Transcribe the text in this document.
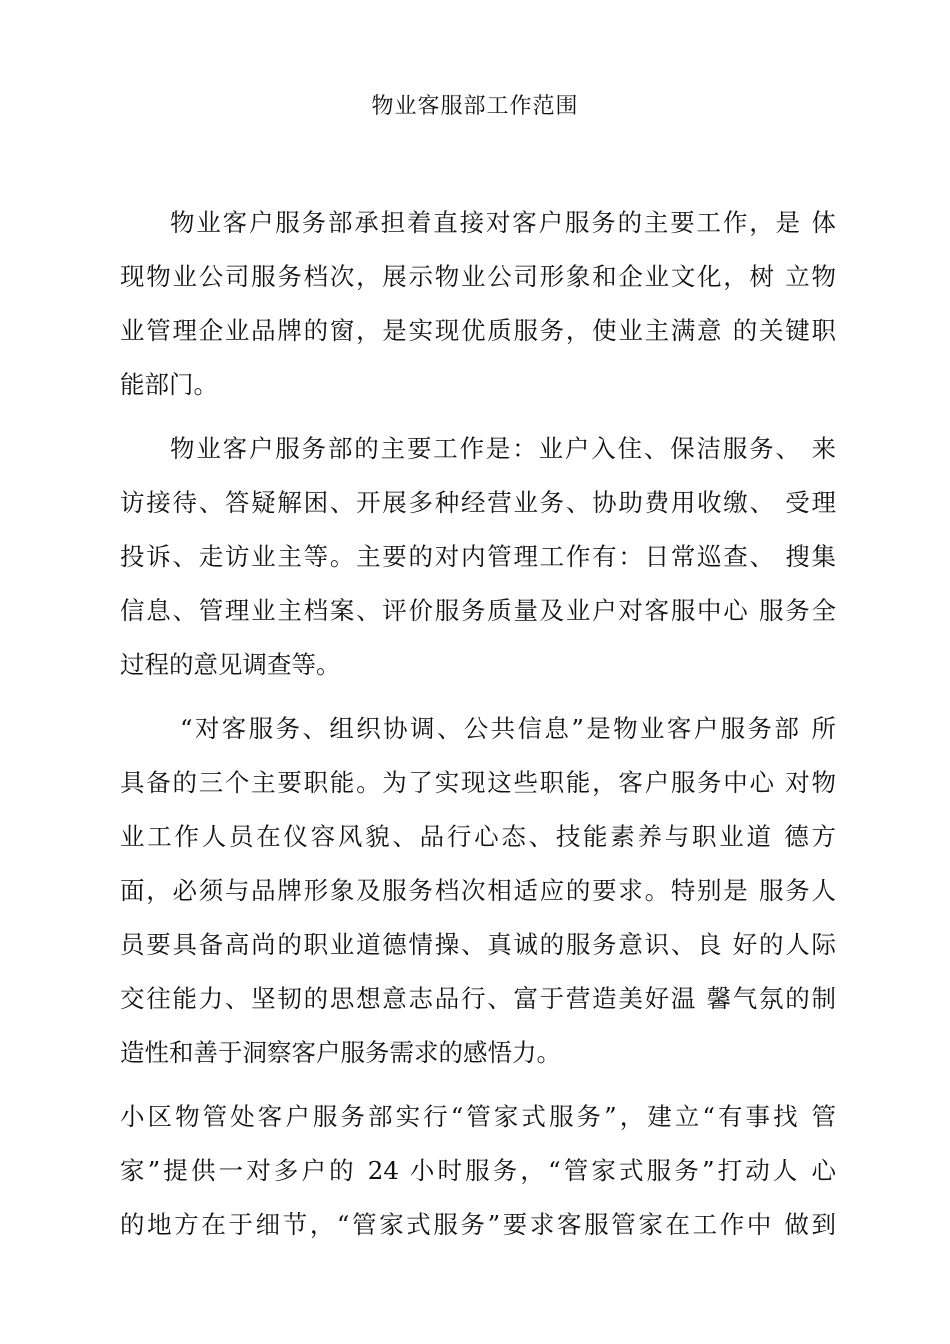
物业客服部工作范围
物业客户服务部承担着直接对客户服务的主要工作，是 体
现物业公司服务档次，展示物业公司形象和企业文化，树 立物
业管理企业品牌的窗，是实现优质服务，使业主满意 的关键职
能部门。
物业客户服务部的主要工作是：业户入住、保洁服务、 来
访接待、答疑解困、开展多种经营业务、协助费用收缴、 受理
投诉、走访业主等。主要的对内管理工作有：日常巡查、 搜集
信息、管理业主档案、评价服务质量及业户对客服中心 服务全
过程的意见调查等。
“对客服务、组织协调、公共信息”是物业客户服务部 所
具备的三个主要职能。为了实现这些职能，客户服务中心 对物
业工作人员在仪容风貌、品行心态、技能素养与职业道 德方
面，必须与品牌形象及服务档次相适应的要求。特别是 服务人
员要具备高尚的职业道德情操、真诚的服务意识、良 好的人际
交往能力、坚韧的思想意志品行、富于营造美好温 馨气氛的制
造性和善于洞察客户服务需求的感悟力。
小区物管处客户服务部实行“管家式服务”，建立“有事找 管
家”提供一对多户的 24 小时服务，“管家式服务”打动人 心
的地方在于细节，“管家式服务”要求客服管家在工作中 做到
